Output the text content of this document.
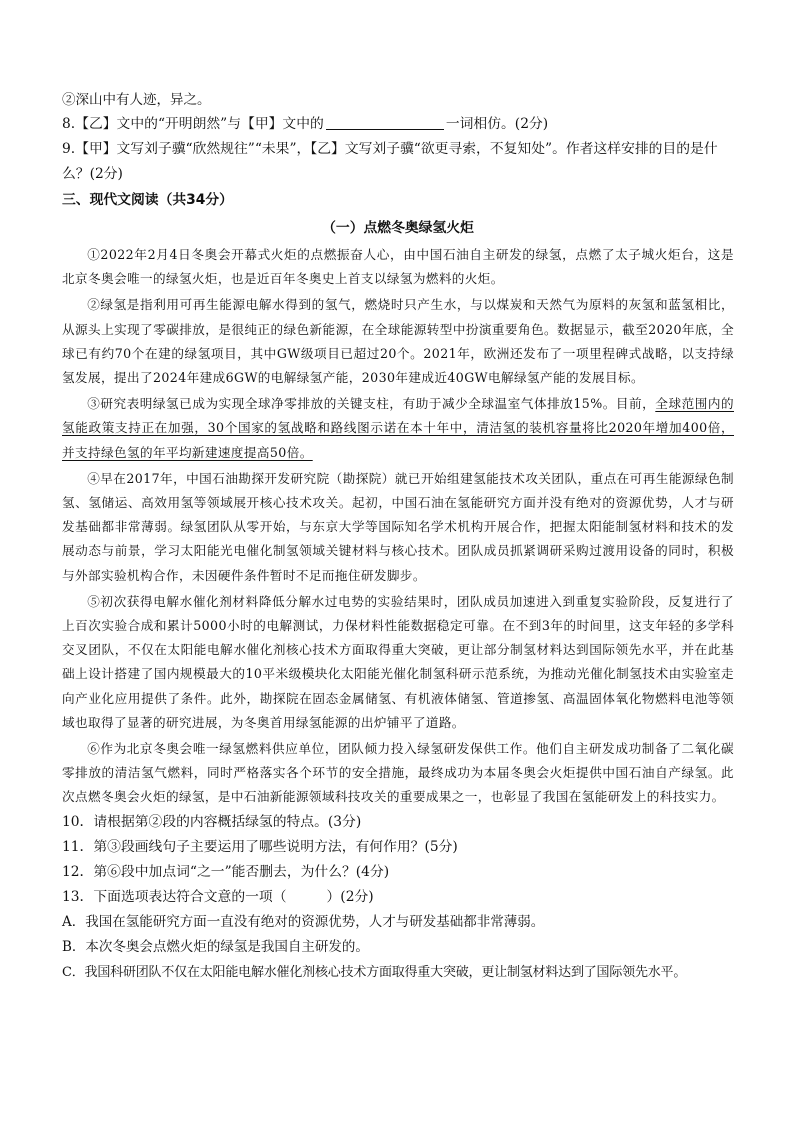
②深山中有人迹，异之。

8.【乙】文中的“开明朗然”与【甲】文中的	一词相仿。(2分)

9.【甲】文写刘子骥“欣然规往”“未果”，【乙】文写刘子骥“欲更寻索，不复知处”。作者这样安排的目的是什么？(2分)

三、现代文阅读（共34分）
（一）点燃冬奥绿氢火炬

①2022年2月4日冬奥会开幕式火炬的点燃振奋人心，由中国石油自主研发的绿氢，点燃了太子城火炬台，这是北京冬奥会唯一的绿氢火炬，也是近百年冬奥史上首支以绿氢为燃料的火炬。

②绿氢是指利用可再生能源电解水得到的氢气，燃烧时只产生水，与以煤炭和天然气为原料的灰氢和蓝氢相比，从源头上实现了零碳排放，是很纯正的绿色新能源，在全球能源转型中扮演重要角色。数据显示，截至2020年底，全球已有约70个在建的绿氢项目，其中GW级项目已超过20个。2021年，欧洲还发布了一项里程碑式战略，以支持绿氢发展，提出了2024年建成6GW的电解绿氢产能，2030年建成近40GW电解绿氢产能的发展目标。

③研究表明绿氢已成为实现全球净零排放的关键支柱，有助于减少全球温室气体排放15%。目前，全球范围内的氢能政策支持正在加强，30个国家的氢战略和路线图示诺在本十年中，清洁氢的装机容量将比2020年增加400倍，并支持绿色氢的年平均新建速度提高50倍。

④早在2017年，中国石油勘探开发研究院（勘探院）就已开始组建氢能技术攻关团队，重点在可再生能源绿色制氢、氢储运、高效用氢等领域展开核心技术攻关。起初，中国石油在氢能研究方面并没有绝对的资源优势，人才与研发基础都非常薄弱。绿氢团队从零开始，与东京大学等国际知名学术机构开展合作，把握太阳能制氢材料和技术的发展动态与前景，学习太阳能光电催化制氢领域关键材料与核心技术。团队成员抓紧调研采购过渡用设备的同时，积极与外部实验机构合作，未因硬件条件暂时不足而拖住研发脚步。

⑤初次获得电解水催化剂材料降低分解水过电势的实验结果时，团队成员加速进入到重复实验阶段，反复进行了上百次实验合成和累计5000小时的电解测试，力保材料性能数据稳定可靠。在不到3年的时间里，这支年轻的多学科交叉团队，不仅在太阳能电解水催化剂核心技术方面取得重大突破，更让部分制氢材料达到国际领先水平，并在此基础上设计搭建了国内规模最大的10平米级模块化太阳能光催化制氢科研示范系统，为推动光催化制氢技术由实验室走向产业化应用提供了条件。此外，勘探院在固态金属储氢、有机液体储氢、管道掺氢、高温固体氧化物燃料电池等领域也取得了显著的研究进展，为冬奥首用绿氢能源的出炉铺平了道路。

⑥作为北京冬奥会唯一绿氢燃料供应单位，团队倾力投入绿氢研发保供工作。他们自主研发成功制备了二氧化碳零排放的清洁氢气燃料，同时严格落实各个环节的安全措施，最终成功为本届冬奥会火炬提供中国石油自产绿氢。此次点燃冬奥会火炬的绿氢，是中石油新能源领域科技攻关的重要成果之一，也彰显了我国在氢能研发上的科技实力。

10．请根据第②段的内容概括绿氢的特点。(3分)

11．第③段画线句子主要运用了哪些说明方法，有何作用？(5分)

12．第⑥段中加点词“之一”能否删去，为什么？(4分)

13．下面选项表达符合文意的一项（	）(2分)

A．我国在氢能研究方面一直没有绝对的资源优势，人才与研发基础都非常薄弱。

B．本次冬奥会点燃火炬的绿氢是我国自主研发的。

C．我国科研团队不仅在太阳能电解水催化剂核心技术方面取得重大突破，更让制氢材料达到了国际领先水平。
